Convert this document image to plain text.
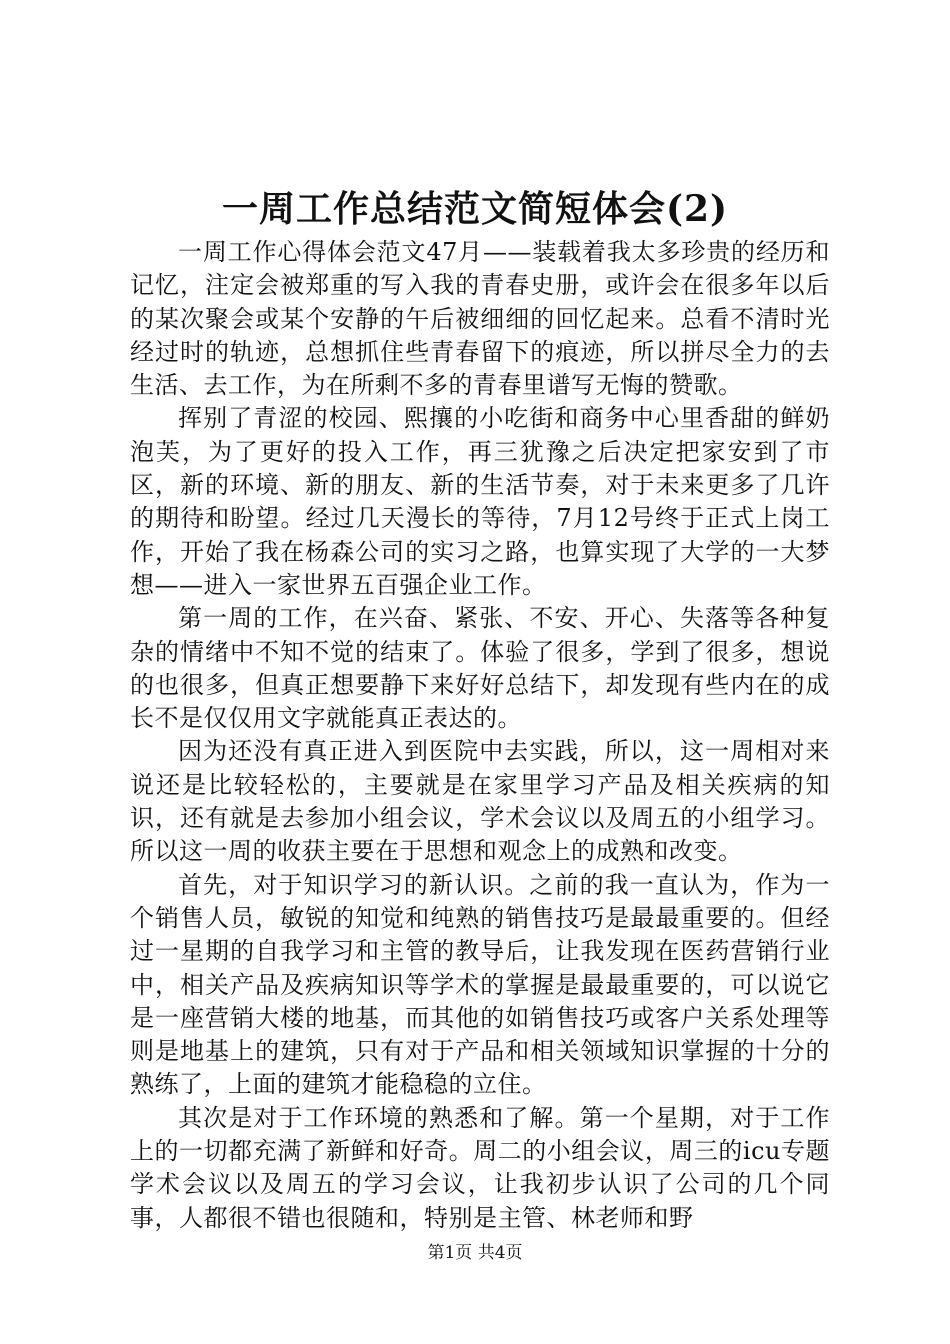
一周工作总结范文简短体会(2)

一周工作心得体会范文47月——装载着我太多珍贵的经历和记忆，注定会被郑重的写入我的青春史册，或许会在很多年以后的某次聚会或某个安静的午后被细细的回忆起来。总看不清时光经过时的轨迹，总想抓住些青春留下的痕迹，所以拼尽全力的去生活、去工作，为在所剩不多的青春里谱写无悔的赞歌。

挥别了青涩的校园、熙攘的小吃街和商务中心里香甜的鲜奶泡芙，为了更好的投入工作，再三犹豫之后决定把家安到了市区，新的环境、新的朋友、新的生活节奏，对于未来更多了几许的期待和盼望。经过几天漫长的等待，7月12号终于正式上岗工作，开始了我在杨森公司的实习之路，也算实现了大学的一大梦想——进入一家世界五百强企业工作。

第一周的工作，在兴奋、紧张、不安、开心、失落等各种复杂的情绪中不知不觉的结束了。体验了很多，学到了很多，想说的也很多，但真正想要静下来好好总结下，却发现有些内在的成长不是仅仅用文字就能真正表达的。

因为还没有真正进入到医院中去实践，所以，这一周相对来说还是比较轻松的，主要就是在家里学习产品及相关疾病的知识，还有就是去参加小组会议，学术会议以及周五的小组学习。所以这一周的收获主要在于思想和观念上的成熟和改变。

首先，对于知识学习的新认识。之前的我一直认为，作为一个销售人员，敏锐的知觉和纯熟的销售技巧是最最重要的。但经过一星期的自我学习和主管的教导后，让我发现在医药营销行业中，相关产品及疾病知识等学术的掌握是最最重要的，可以说它是一座营销大楼的地基，而其他的如销售技巧或客户关系处理等则是地基上的建筑，只有对于产品和相关领域知识掌握的十分的熟练了，上面的建筑才能稳稳的立住。

其次是对于工作环境的熟悉和了解。第一个星期，对于工作上的一切都充满了新鲜和好奇。周二的小组会议，周三的icu专题学术会议以及周五的学习会议，让我初步认识了公司的几个同事，人都很不错也很随和，特别是主管、林老师和野

第1页 共4页
